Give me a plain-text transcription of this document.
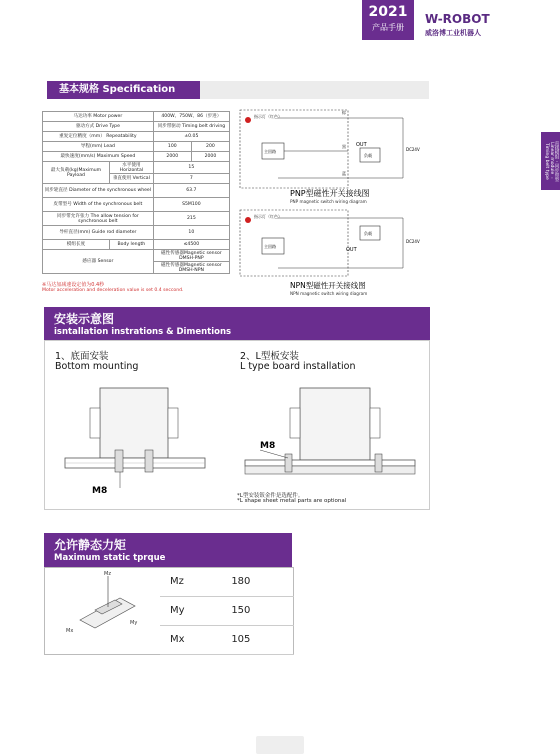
2021
产品手册
W-ROBOT
威洛博工业机器人
直线模组・同步带型 Linear module ・ Timing belt type
基本规格 Specification
马达功率 Motor power		400W、750W、86（步进）	
驱动方式 Drive Type		同步带驱动 Timing belt driving	
重复定位精度（mm） Repeatability		±0.05	
导程(mm) Lead		100	200
最快速度(mm/s) Maximum Speed		2000	2000
最大负载(kg)Maximum Payload	水平使用 Horizontal	15	
	垂直使用 Vertical	7	
同步轮直径 Diameter of the synchronous wheel		63.7	
皮带型号 Width of the synchronous belt		S5M100	
同步带允许张力 The allow tension for synchronous belt		215	
导杆直径(mm) Guide rod diameter		10	
模组长度	Body length	≤4500	
感应器 Sensor		磁性传感器Magnetic sensor DMSH-PNP	
		磁性传感器Magnetic sensor DMSH-NPN	
※马达加减速设定值为0.4秒
Motor acceleration and deceleration value is set 0.4 seccond.
指示灯（红色）
主回路
负载
OUT
DC24V
棕
黑
蓝
PNP型磁性开关接线图
PNP magnetic switch wiring diagram
指示灯（红色）
主回路
负载
OUT
DC24V
NPN型磁性开关接线图
NPN magnetic switch wiring diagram
安装示意图
isntallation instrations & Dimentions
1、底面安装
Bottom mounting
2、L型板安装
L type board installation
M8
M8
*L型安装钣金件是选配件。
*L shape sheet metal parts are optional
允许静态力矩
Maximum static tprque
Mz
My
Mx
Mz	180
My	150
Mx	105
